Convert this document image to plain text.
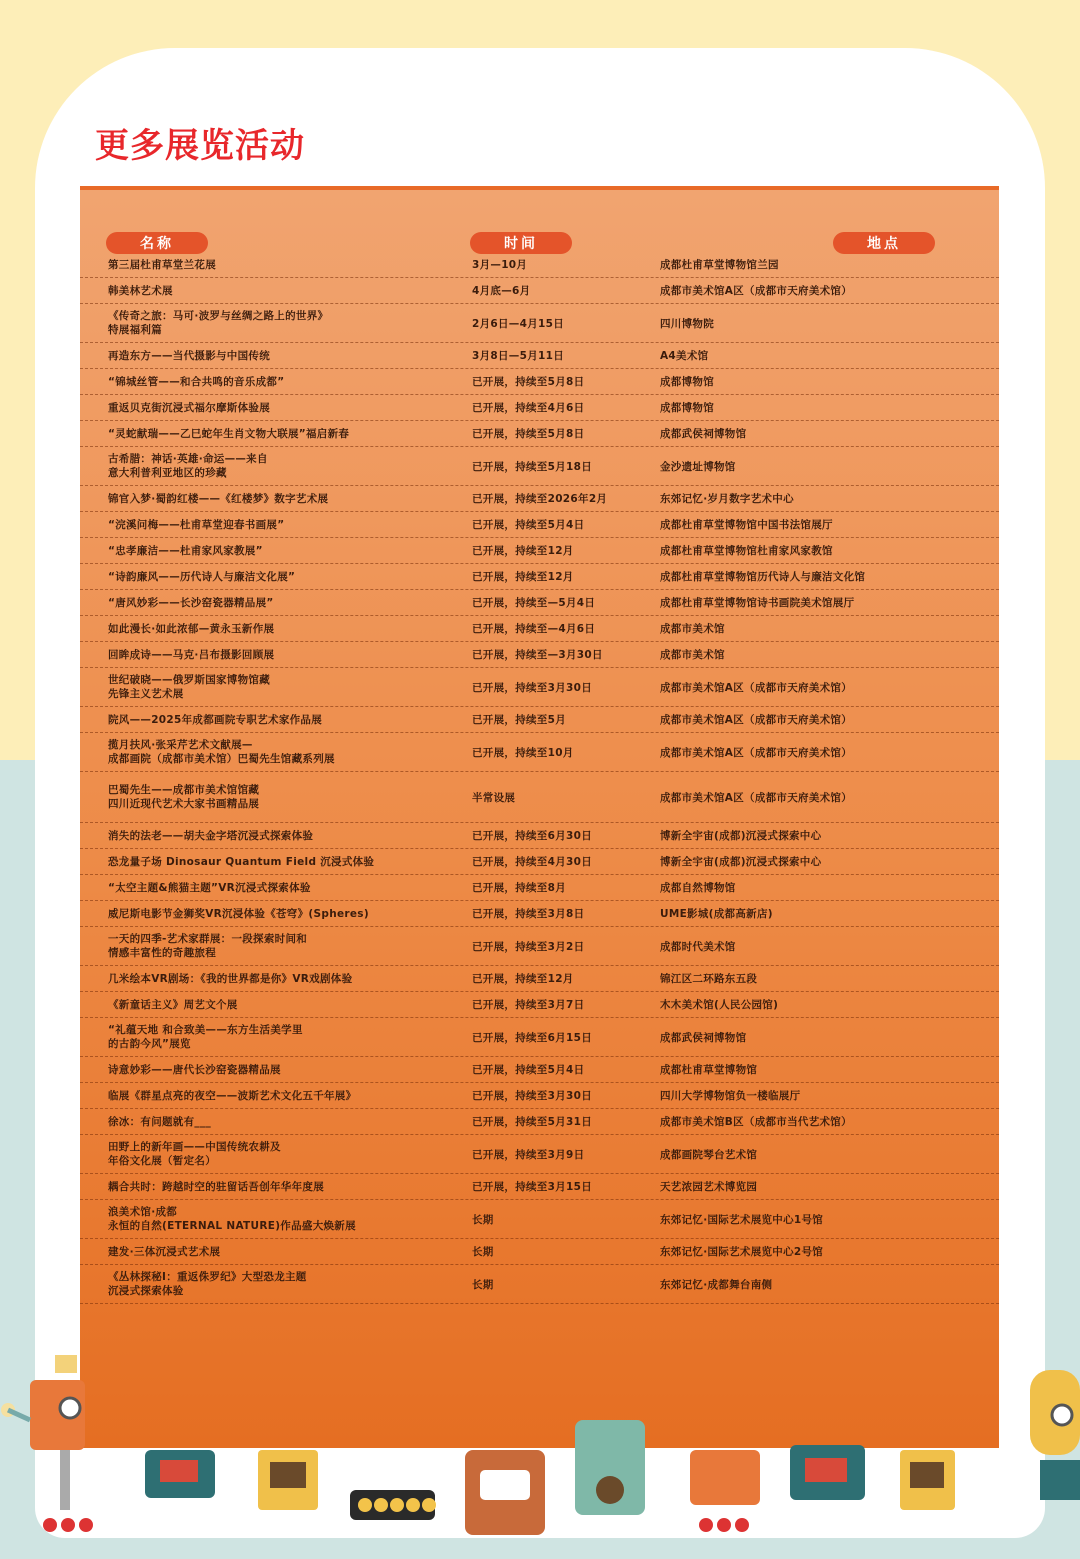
更多展览活动
名称	时间	地点
第三届杜甫草堂兰花展	3月—10月	成都杜甫草堂博物馆兰园
韩美林艺术展	4月底—6月	成都市美术馆A区（成都市天府美术馆）
《传奇之旅：马可·波罗与丝绸之路上的世界》
特展福利篇
2月6日—4月15日	四川博物院
再造东方——当代摄影与中国传统	3月8日—5月11日	A4美术馆
“锦城丝管——和合共鸣的音乐成都”	已开展，持续至5月8日	成都博物馆
重返贝克街沉浸式福尔摩斯体验展	已开展，持续至4月6日	成都博物馆
“灵蛇献瑞——乙巳蛇年生肖文物大联展”福启新春	已开展，持续至5月8日	成都武侯祠博物馆
古希腊：神话·英雄·命运——来自
意大利普利亚地区的珍藏
已开展，持续至5月18日	金沙遗址博物馆
锦官入梦·蜀韵红楼——《红楼梦》数字艺术展	已开展，持续至2026年2月	东郊记忆·岁月数字艺术中心
“浣溪问梅——杜甫草堂迎春书画展”	已开展，持续至5月4日	成都杜甫草堂博物馆中国书法馆展厅
“忠孝廉洁——杜甫家风家教展”	已开展，持续至12月	成都杜甫草堂博物馆杜甫家风家教馆
“诗韵廉风——历代诗人与廉洁文化展”	已开展，持续至12月	成都杜甫草堂博物馆历代诗人与廉洁文化馆
“唐风妙彩——长沙窑瓷器精品展”	已开展，持续至—5月4日	成都杜甫草堂博物馆诗书画院美术馆展厅
如此漫长·如此浓郁—黄永玉新作展	已开展，持续至—4月6日	成都市美术馆
回眸成诗——马克·吕布摄影回顾展	已开展，持续至—3月30日	成都市美术馆
世纪破晓——俄罗斯国家博物馆藏
先锋主义艺术展
已开展，持续至3月30日	成都市美术馆A区（成都市天府美术馆）
院风——2025年成都画院专职艺术家作品展	已开展，持续至5月	成都市美术馆A区（成都市天府美术馆）
揽月扶风·张采芹艺术文献展—
成都画院（成都市美术馆）巴蜀先生馆藏系列展
已开展，持续至10月	成都市美术馆A区（成都市天府美术馆）
巴蜀先生——成都市美术馆馆藏
四川近现代艺术大家书画精品展
半常设展	成都市美术馆A区（成都市天府美术馆）
消失的法老——胡夫金字塔沉浸式探索体验	已开展，持续至6月30日	博新全宇宙(成都)沉浸式探索中心
恐龙量子场 Dinosaur Quantum Field 沉浸式体验	已开展，持续至4月30日	博新全宇宙(成都)沉浸式探索中心
“太空主题&熊猫主题”VR沉浸式探索体验	已开展，持续至8月	成都自然博物馆
威尼斯电影节金狮奖VR沉浸体验《苍穹》(Spheres)	已开展，持续至3月8日	UME影城(成都高新店)
一天的四季-艺术家群展：一段探索时间和
情感丰富性的奇趣旅程
已开展，持续至3月2日	成都时代美术馆
几米绘本VR剧场：《我的世界都是你》VR戏剧体验	已开展，持续至12月	锦江区二环路东五段
《新童话主义》周艺文个展	已开展，持续至3月7日	木木美术馆(人民公园馆)
“礼蕴天地 和合致美——东方生活美学里
的古韵今风”展览
已开展，持续至6月15日	成都武侯祠博物馆
诗意妙彩——唐代长沙窑瓷器精品展	已开展，持续至5月4日	成都杜甫草堂博物馆
临展《群星点亮的夜空——波斯艺术文化五千年展》	已开展，持续至3月30日	四川大学博物馆负一楼临展厅
徐冰：有问题就有___	已开展，持续至5月31日	成都市美术馆B区（成都市当代艺术馆）
田野上的新年画——中国传统农耕及
年俗文化展（暂定名）
已开展，持续至3月9日	成都画院琴台艺术馆
耦合共时：跨越时空的驻留话吾创年华年度展	已开展，持续至3月15日	天艺浓园艺术博览园
浪美术馆·成都
永恒的自然(ETERNAL NATURE)作品盛大焕新展
长期	东郊记忆·国际艺术展览中心1号馆
建发·三体沉浸式艺术展	长期	东郊记忆·国际艺术展览中心2号馆
《丛林探秘I：重返侏罗纪》大型恐龙主题
沉浸式探索体验
长期	东郊记忆·成都舞台南侧
